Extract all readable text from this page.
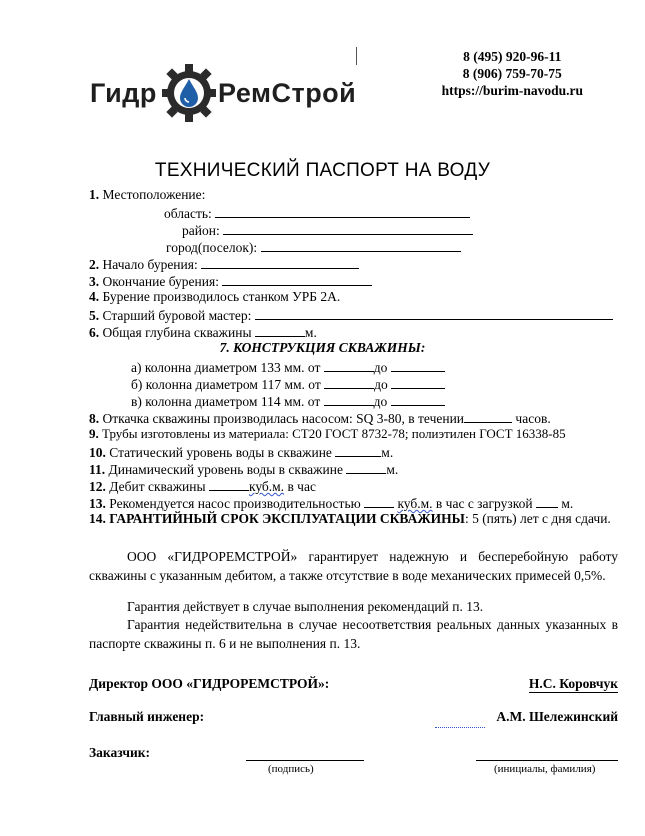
Гидр РемСтрой
8 (495) 920-96-11
8 (906) 759-70-75
https://burim-navodu.ru
ТЕХНИЧЕСКИЙ ПАСПОРТ НА ВОДУ
1. Местоположение:
область:
район:
город(поселок):
2. Начало бурения:
3. Окончание бурения:
4. Бурение производилось станком УРБ 2А.
5. Старший буровой мастер:
6. Общая глубина скважины	м.
7. КОНСТРУКЦИЯ СКВАЖИНЫ:
а) колонна диаметром 133 мм. от	до
б) колонна диаметром 117 мм. от	до
в) колонна диаметром 114 мм. от	до
8. Откачка скважины производилась насосом: SQ 3-80, в течении	часов.
9. Трубы изготовлены из материала: СТ20 ГОСТ 8732-78; полиэтилен ГОСТ 16338-85
10. Статический уровень воды в скважине	м.
11. Динамический уровень воды в скважине	м.
12. Дебит скважины	куб.м. в час
13. Рекомендуется насос производительностью	куб.м. в час с загрузкой м.
14. ГАРАНТИЙНЫЙ СРОК ЭКСПЛУАТАЦИИ СКВАЖИНЫ: 5 (пять) лет с дня сдачи.
ООО «ГИДРОРЕМСТРОЙ» гарантирует надежную и бесперебойную работу скважины с указанным дебитом, а также отсутствие в воде механических примесей 0,5%.
Гарантия действует в случае выполнения рекомендаций п. 13.
Гарантия недействительна в случае несоответствия реальных данных указанных в паспорте скважины п. 6 и не выполнения п. 13.
Директор ООО «ГИДРОРЕМСТРОЙ»:	Н.С. Коровчук
Главный инженер:	А.М. Шележинский
Заказчик:
(подпись)	(инициалы, фамилия)
